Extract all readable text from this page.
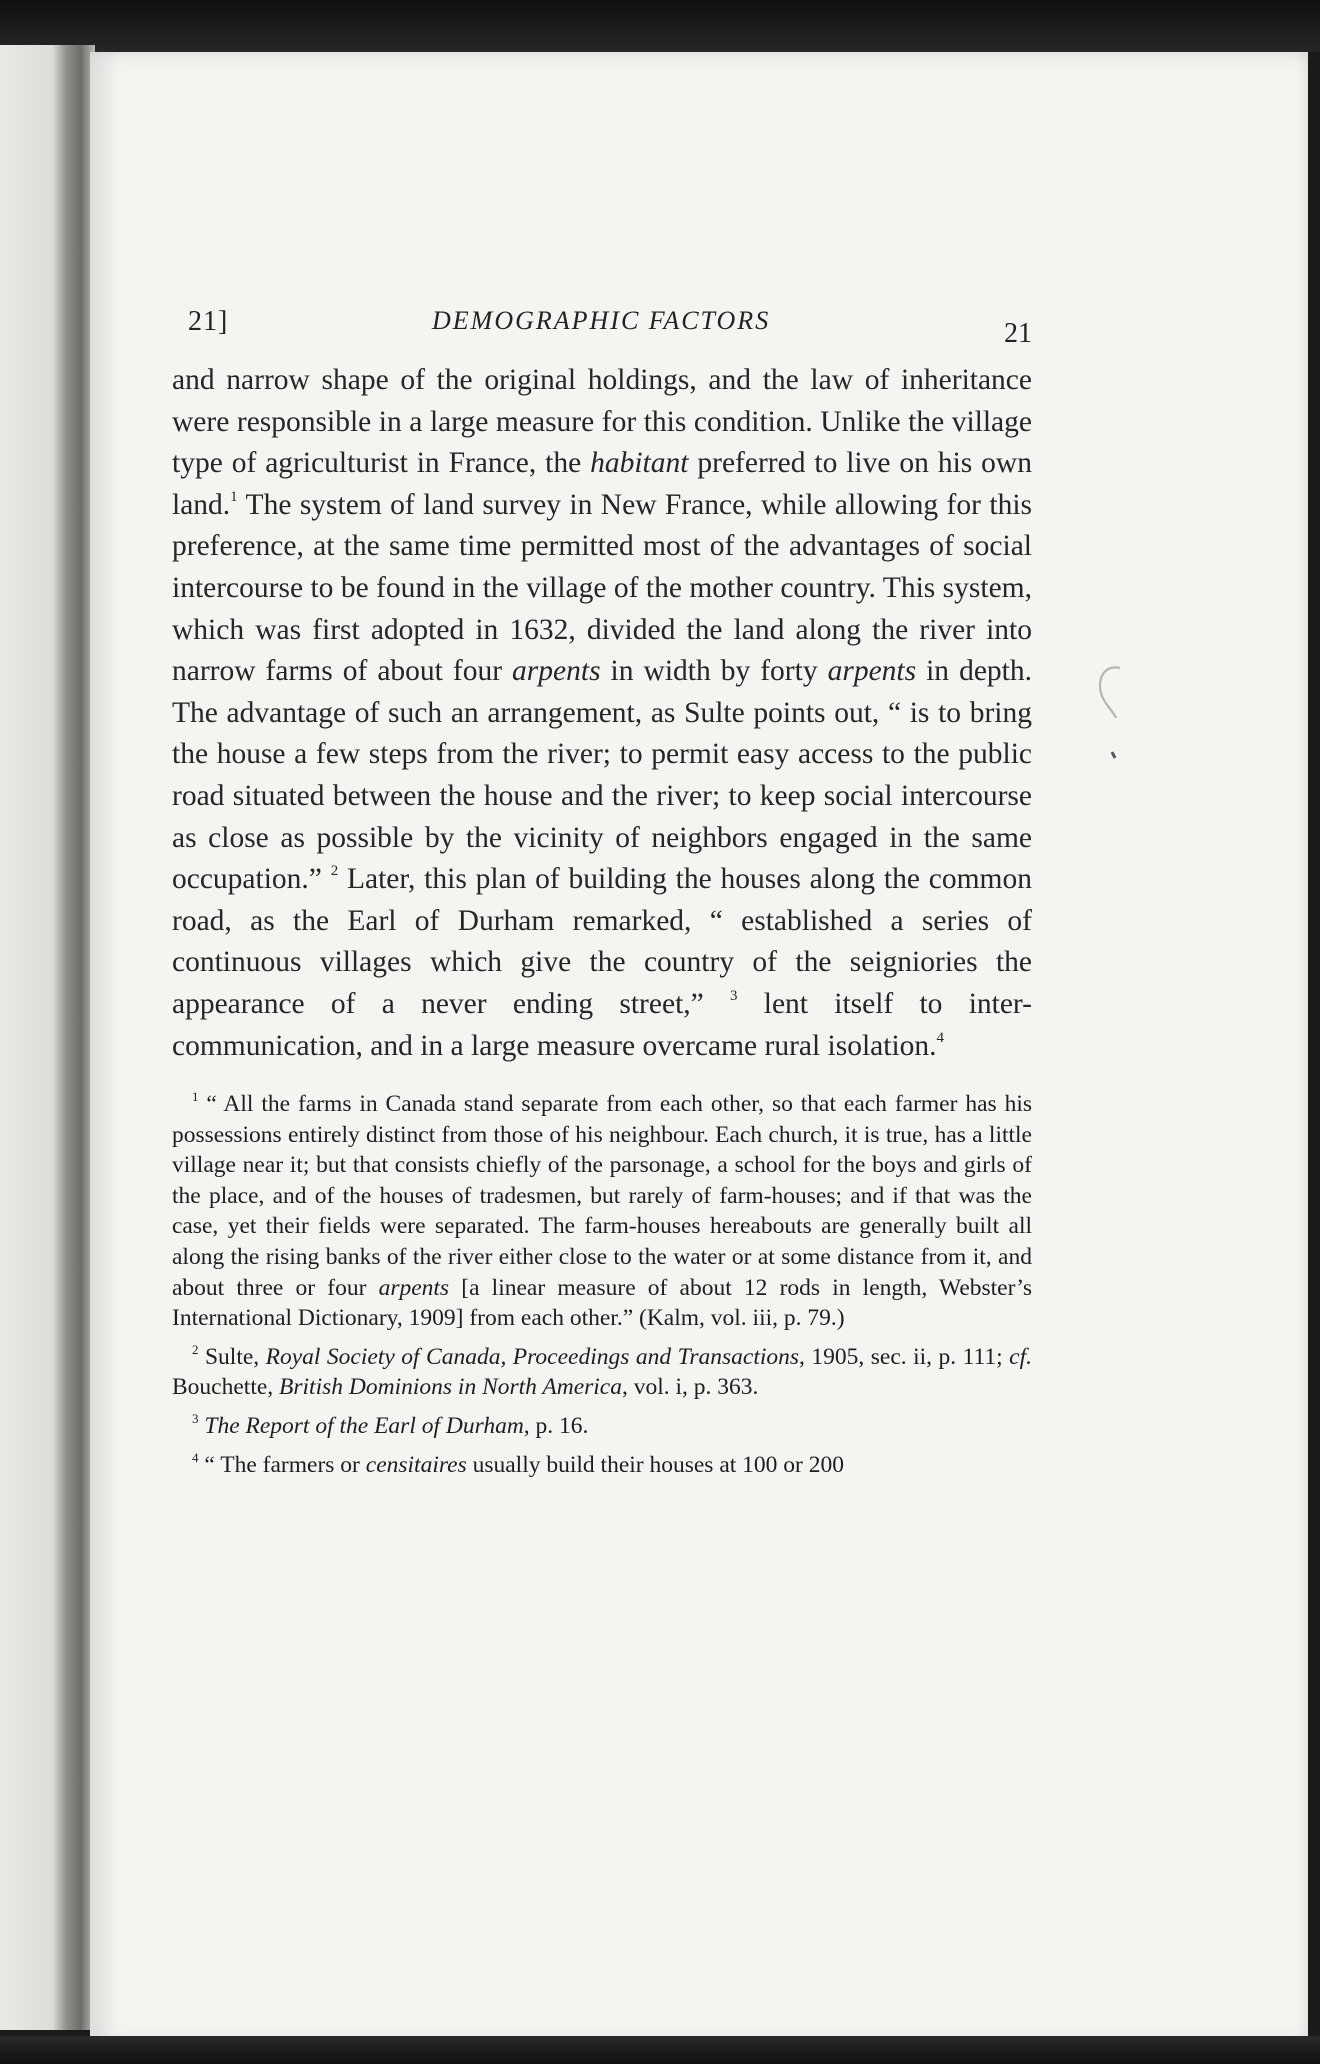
21]	DEMOGRAPHIC FACTORS	21

and narrow shape of the original holdings, and the law of inheritance were responsible in a large measure for this condition. Unlike the village type of agriculturist in France, the habitant preferred to live on his own land.$^1$ The system of land survey in New France, while allowing for this preference, at the same time permitted most of the advantages of social intercourse to be found in the village of the mother country. This system, which was first adopted in 1632, divided the land along the river into narrow farms of about four arpents in width by forty arpents in depth. The advantage of such an arrangement, as Sulte points out, “ is to bring the house a few steps from the river; to permit easy access to the public road situated between the house and the river; to keep social intercourse as close as possible by the vicinity of neighbors engaged in the same occupation.” $^2$ Later, this plan of building the houses along the common road, as the Earl of Durham remarked, “ established a series of continuous villages which give the country of the seigniories the appearance of a never ending street,” $^3$ lent itself to inter-communication, and in a large measure overcame rural isolation.$^4$

$^1$ “ All the farms in Canada stand separate from each other, so that each farmer has his possessions entirely distinct from those of his neighbour. Each church, it is true, has a little village near it; but that consists chiefly of the parsonage, a school for the boys and girls of the place, and of the houses of tradesmen, but rarely of farm-houses; and if that was the case, yet their fields were separated. The farm-houses hereabouts are generally built all along the rising banks of the river either close to the water or at some distance from it, and about three or four arpents [a linear measure of about 12 rods in length, Webster’s International Dictionary, 1909] from each other.” (Kalm, vol. iii, p. 79.)

$^2$ Sulte, Royal Society of Canada, Proceedings and Transactions, 1905, sec. ii, p. 111; cf. Bouchette, British Dominions in North America, vol. i, p. 363.

$^3$ The Report of the Earl of Durham, p. 16.

$^4$ “ The farmers or censitaires usually build their houses at 100 or 200
